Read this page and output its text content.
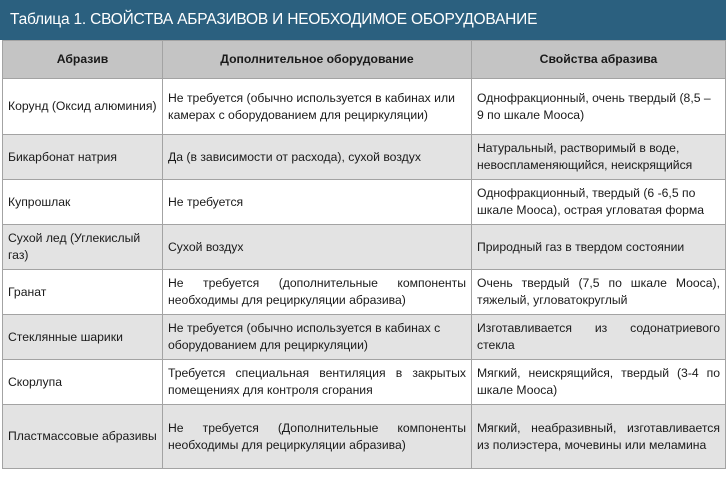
Таблица 1. СВОЙСТВА АБРАЗИВОВ И НЕОБХОДИМОЕ ОБОРУДОВАНИЕ
Абразив	Дополнительное оборудование	Свойства абразива
Корунд (Оксид алюминия)	Не требуется (обычно используется в кабинах или камерах с оборудованием для рециркуляции)	Однофракционный, очень твердый (8,5 – 9 по шкале Мооса)
Бикарбонат натрия	Да (в зависимости от расхода), сухой воздух	Натуральный, растворимый в воде, невоспламеняющийся, неискрящийся
Купрошлак	Не требуется	Однофракционный, твердый (6 -6,5 по шкале Мооса), острая угловатая форма
Сухой лед (Углекислый газ)	Сухой воздух	Природный газ в твердом состоянии
Гранат	Не требуется (дополнительные компоненты необходимы для рециркуляции абразива)	Очень твердый (7,5 по шкале Мооса), тяжелый, угловатокруглый
Стеклянные шарики	Не требуется (обычно используется в кабинах с оборудованием для рециркуляции)	Изготавливается из содонатриевого стекла
Скорлупа	Требуется специальная вентиляция в закрытых помещениях для контроля сгорания	Мягкий, неискрящийся, твердый (3-4 по шкале Мооса)
Пластмассовые абразивы	Не требуется (Дополнительные компоненты необходимы для рециркуляции абразива)	Мягкий, неабразивный, изготавливается из полиэстера, мочевины или меламина
